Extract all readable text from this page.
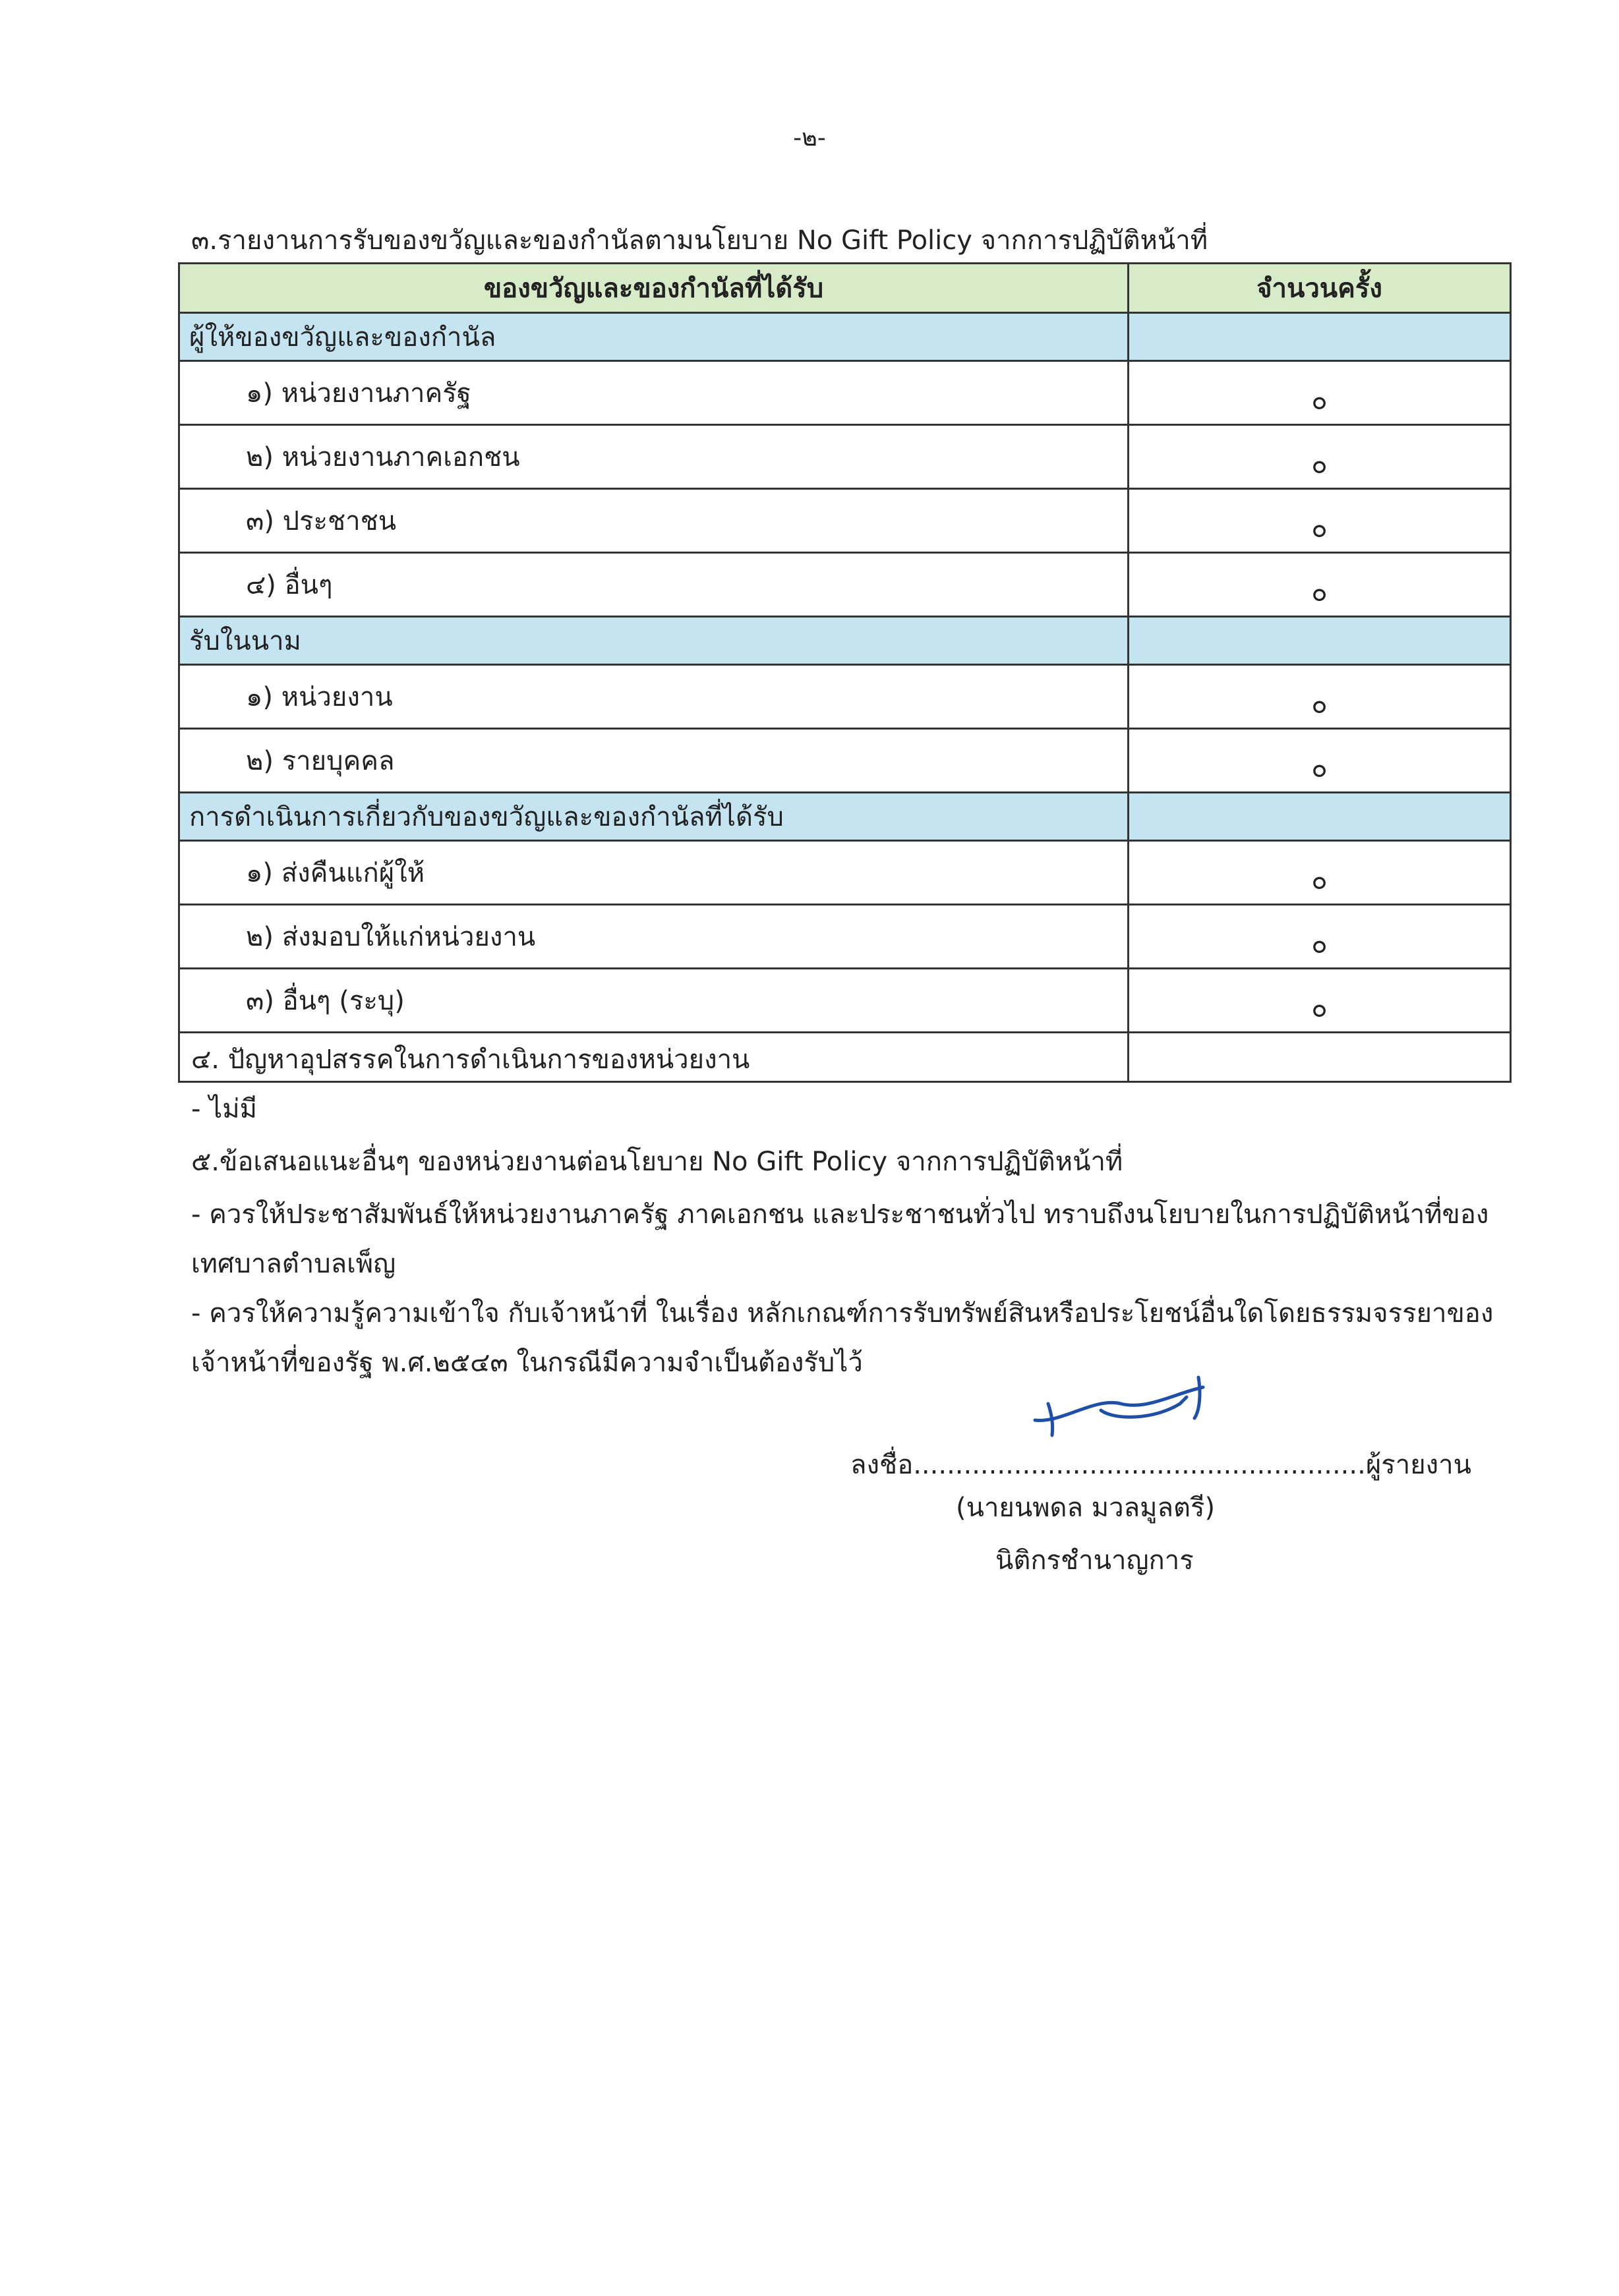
-๒-
๓.รายงานการรับของขวัญและของกำนัลตามนโยบาย No Gift Policy จากการปฏิบัติหน้าที่
ของขวัญและของกำนัลที่ได้รับ	จำนวนครั้ง
ผู้ให้ของขวัญและของกำนัล	
๑) หน่วยงานภาครัฐ	๐
๒) หน่วยงานภาคเอกชน	๐
๓) ประชาชน	๐
๔) อื่นๆ	๐
รับในนาม	
๑) หน่วยงาน	๐
๒) รายบุคคล	๐
การดำเนินการเกี่ยวกับของขวัญและของกำนัลที่ได้รับ	
๑) ส่งคืนแก่ผู้ให้	๐
๒) ส่งมอบให้แก่หน่วยงาน	๐
๓) อื่นๆ (ระบุ)	๐

๔. ปัญหาอุปสรรคในการดำเนินการของหน่วยงาน
- ไม่มี
๕.ข้อเสนอแนะอื่นๆ ของหน่วยงานต่อนโยบาย No Gift Policy จากการปฏิบัติหน้าที่
- ควรให้ประชาสัมพันธ์ให้หน่วยงานภาครัฐ ภาคเอกชน และประชาชนทั่วไป ทราบถึงนโยบายในการปฏิบัติหน้าที่ของ
เทศบาลตำบลเพ็ญ
- ควรให้ความรู้ความเข้าใจ กับเจ้าหน้าที่ ในเรื่อง หลักเกณฑ์การรับทรัพย์สินหรือประโยชน์อื่นใดโดยธรรมจรรยาของ
เจ้าหน้าที่ของรัฐ พ.ศ.๒๕๔๓ ในกรณีมีความจำเป็นต้องรับไว้
ลงชื่อ......................................................ผู้รายงาน
(นายนพดล มวลมูลตรี)
นิติกรชำนาญการ
